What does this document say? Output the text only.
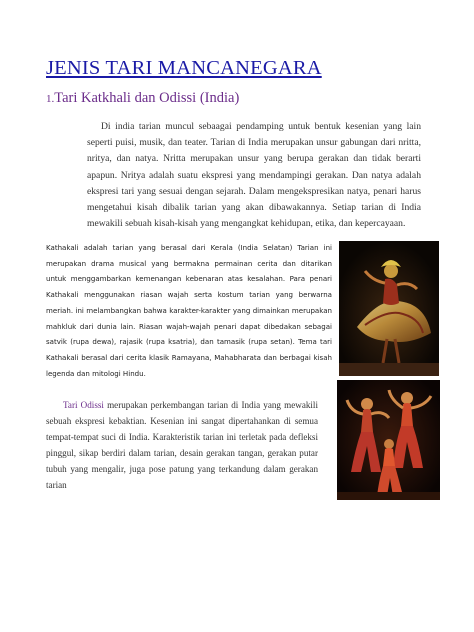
JENIS TARI MANCANEGARA
1.Tari Katkhali dan Odissi (India)

Di india tarian muncul sebaagai pendamping untuk bentuk kesenian yang lain seperti puisi, musik, dan teater. Tarian di India merupakan unsur gabungan dari nritta, nritya, dan natya. Nritta merupakan unsur yang berupa gerakan dan tidak berarti apapun. Nritya adalah suatu ekspresi yang mendampingi gerakan. Dan natya adalah ekspresi tari yang sesuai dengan sejarah. Dalam mengekspresikan natya, penari harus mengetahui kisah dibalik tarian yang akan dibawakannya. Setiap tarian di India mewakili sebuah kisah-kisah yang mengangkat kehidupan, etika, dan kepercayaan.

Kathakali adalah tarian yang berasal dari Kerala (India Selatan) Tarian ini merupakan drama musical yang bermakna permainan cerita dan ditarikan untuk menggambarkan kemenangan kebenaran atas kesalahan. Para penari Kathakali menggunakan riasan wajah serta kostum tarian yang berwarna meriah. ini melambangkan bahwa karakter-karakter yang dimainkan merupakan mahkluk dari dunia lain. Riasan wajah-wajah penari dapat dibedakan sebagai satvik (rupa dewa), rajasik (rupa ksatria), dan tamasik (rupa setan). Tema tari Kathakali berasal dari cerita klasik Ramayana, Mahabharata dan berbagai kisah legenda dan mitologi Hindu.

Tari Odissi merupakan perkembangan tarian di India yang mewakili sebuah ekspresi kebaktian. Kesenian ini sangat dipertahankan di semua tempat-tempat suci di India. Karakteristik tarian ini terletak pada defleksi pinggul, sikap berdiri dalam tarian, desain gerakan tangan, gerakan putar tubuh yang mengalir, juga pose patung yang terkandung dalam gerakan tarian
